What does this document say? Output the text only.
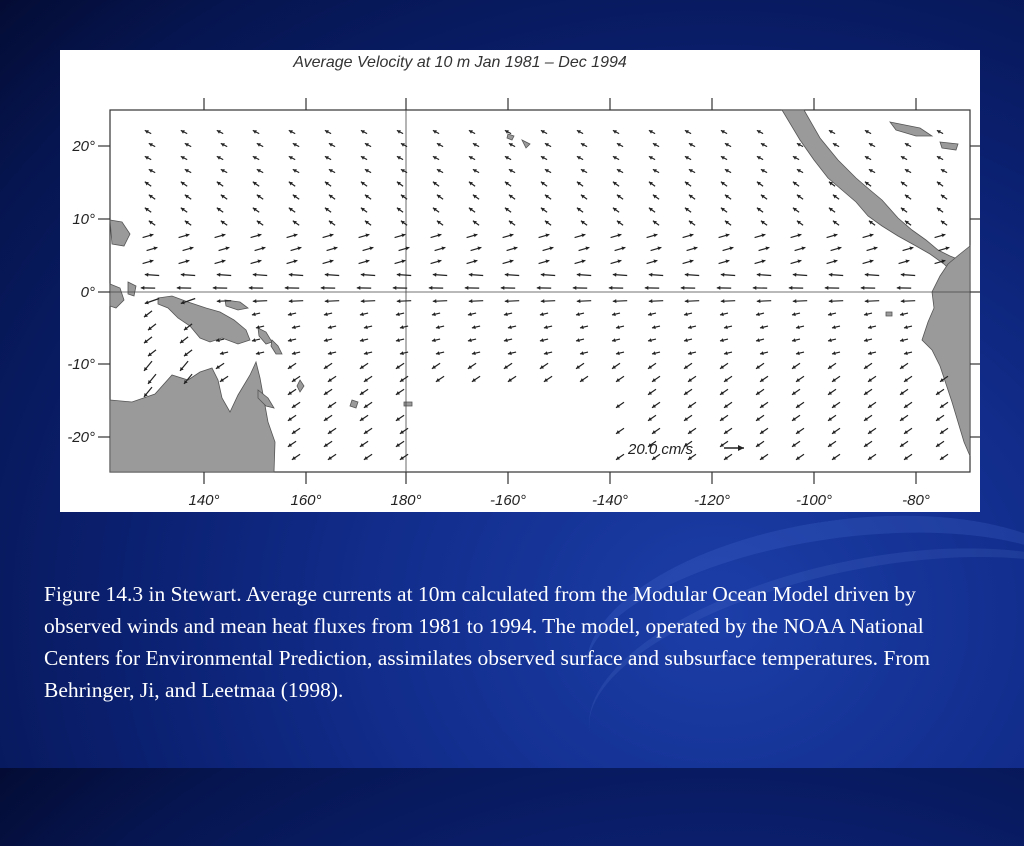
Average Velocity at 10 m Jan 1981 – Dec 1994
20°
10°
0°
-10°
-20°
140°	160°	180°	-160°	-140°	-120°	-100°	-80°
20.0 cm/s
Figure 14.3 in Stewart. Average currents at 10m calculated from the Modular Ocean Model driven by observed winds and mean heat fluxes from 1981 to 1994. The model, operated by the NOAA National Centers for Environmental Prediction, assimilates observed surface and subsurface temperatures. From Behringer, Ji, and Leetmaa (1998).
